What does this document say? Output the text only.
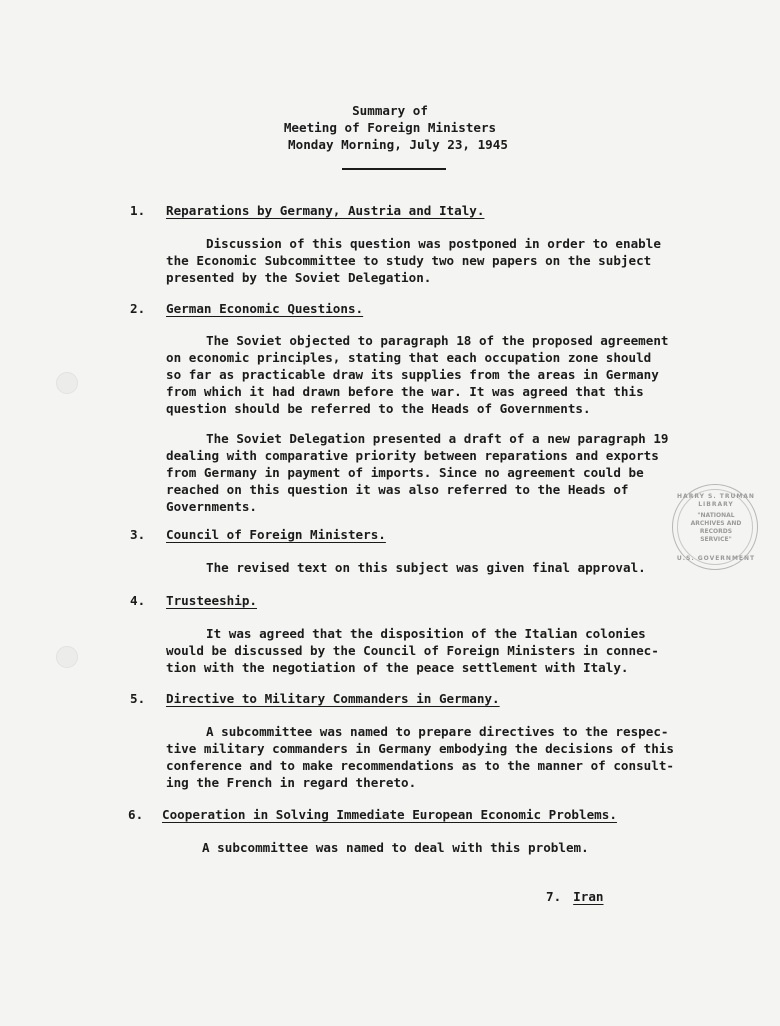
Summary of
Meeting of Foreign Ministers
Monday Morning, July 23, 1945
1. Reparations by Germany, Austria and Italy.
Discussion of this question was postponed in order to enable
the Economic Subcommittee to study two new papers on the subject
presented by the Soviet Delegation.
2. German Economic Questions.
The Soviet objected to paragraph 18 of the proposed agreement
on economic principles, stating that each occupation zone should
so far as practicable draw its supplies from the areas in Germany
from which it had drawn before the war. It was agreed that this
question should be referred to the Heads of Governments.
The Soviet Delegation presented a draft of a new paragraph 19
dealing with comparative priority between reparations and exports
from Germany in payment of imports. Since no agreement could be
reached on this question it was also referred to the Heads of
Governments.
3. Council of Foreign Ministers.
The revised text on this subject was given final approval.
4. Trusteeship.
It was agreed that the disposition of the Italian colonies
would be discussed by the Council of Foreign Ministers in connec-
tion with the negotiation of the peace settlement with Italy.
5. Directive to Military Commanders in Germany.
A subcommittee was named to prepare directives to the respec-
tive military commanders in Germany embodying the decisions of this
conference and to make recommendations as to the manner of consult-
ing the French in regard thereto.
6. Cooperation in Solving Immediate European Economic Problems.
A subcommittee was named to deal with this problem.
7. Iran
HARRY S. TRUMAN LIBRARY
"NATIONAL
ARCHIVES AND
RECORDS
SERVICE"
U.S. GOVERNMENT
